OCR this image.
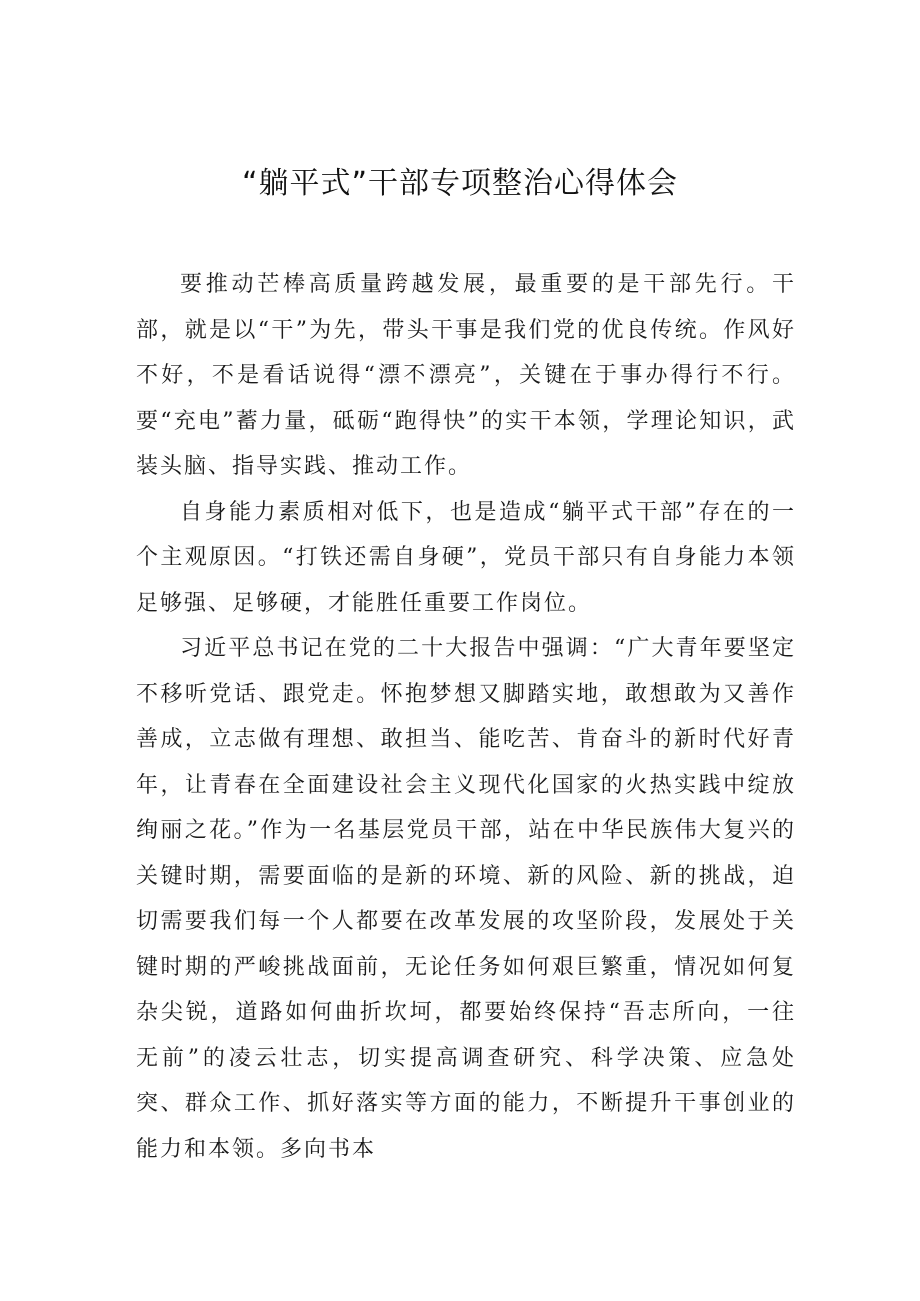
“躺平式”干部专项整治心得体会

要推动芒棒高质量跨越发展，最重要的是干部先行。干部，就是以“干”为先，带头干事是我们党的优良传统。作风好不好，不是看话说得“漂不漂亮”，关键在于事办得行不行。要“充电”蓄力量，砥砺“跑得快”的实干本领，学理论知识，武装头脑、指导实践、推动工作。

自身能力素质相对低下，也是造成“躺平式干部”存在的一个主观原因。“打铁还需自身硬”，党员干部只有自身能力本领足够强、足够硬，才能胜任重要工作岗位。

习近平总书记在党的二十大报告中强调：“广大青年要坚定不移听党话、跟党走。怀抱梦想又脚踏实地，敢想敢为又善作善成，立志做有理想、敢担当、能吃苦、肯奋斗的新时代好青年，让青春在全面建设社会主义现代化国家的火热实践中绽放绚丽之花。”作为一名基层党员干部，站在中华民族伟大复兴的关键时期，需要面临的是新的环境、新的风险、新的挑战，迫切需要我们每一个人都要在改革发展的攻坚阶段，发展处于关键时期的严峻挑战面前，无论任务如何艰巨繁重，情况如何复杂尖锐，道路如何曲折坎坷，都要始终保持“吾志所向，一往无前”的凌云壮志，切实提高调查研究、科学决策、应急处突、群众工作、抓好落实等方面的能力，不断提升干事创业的能力和本领。多向书本
